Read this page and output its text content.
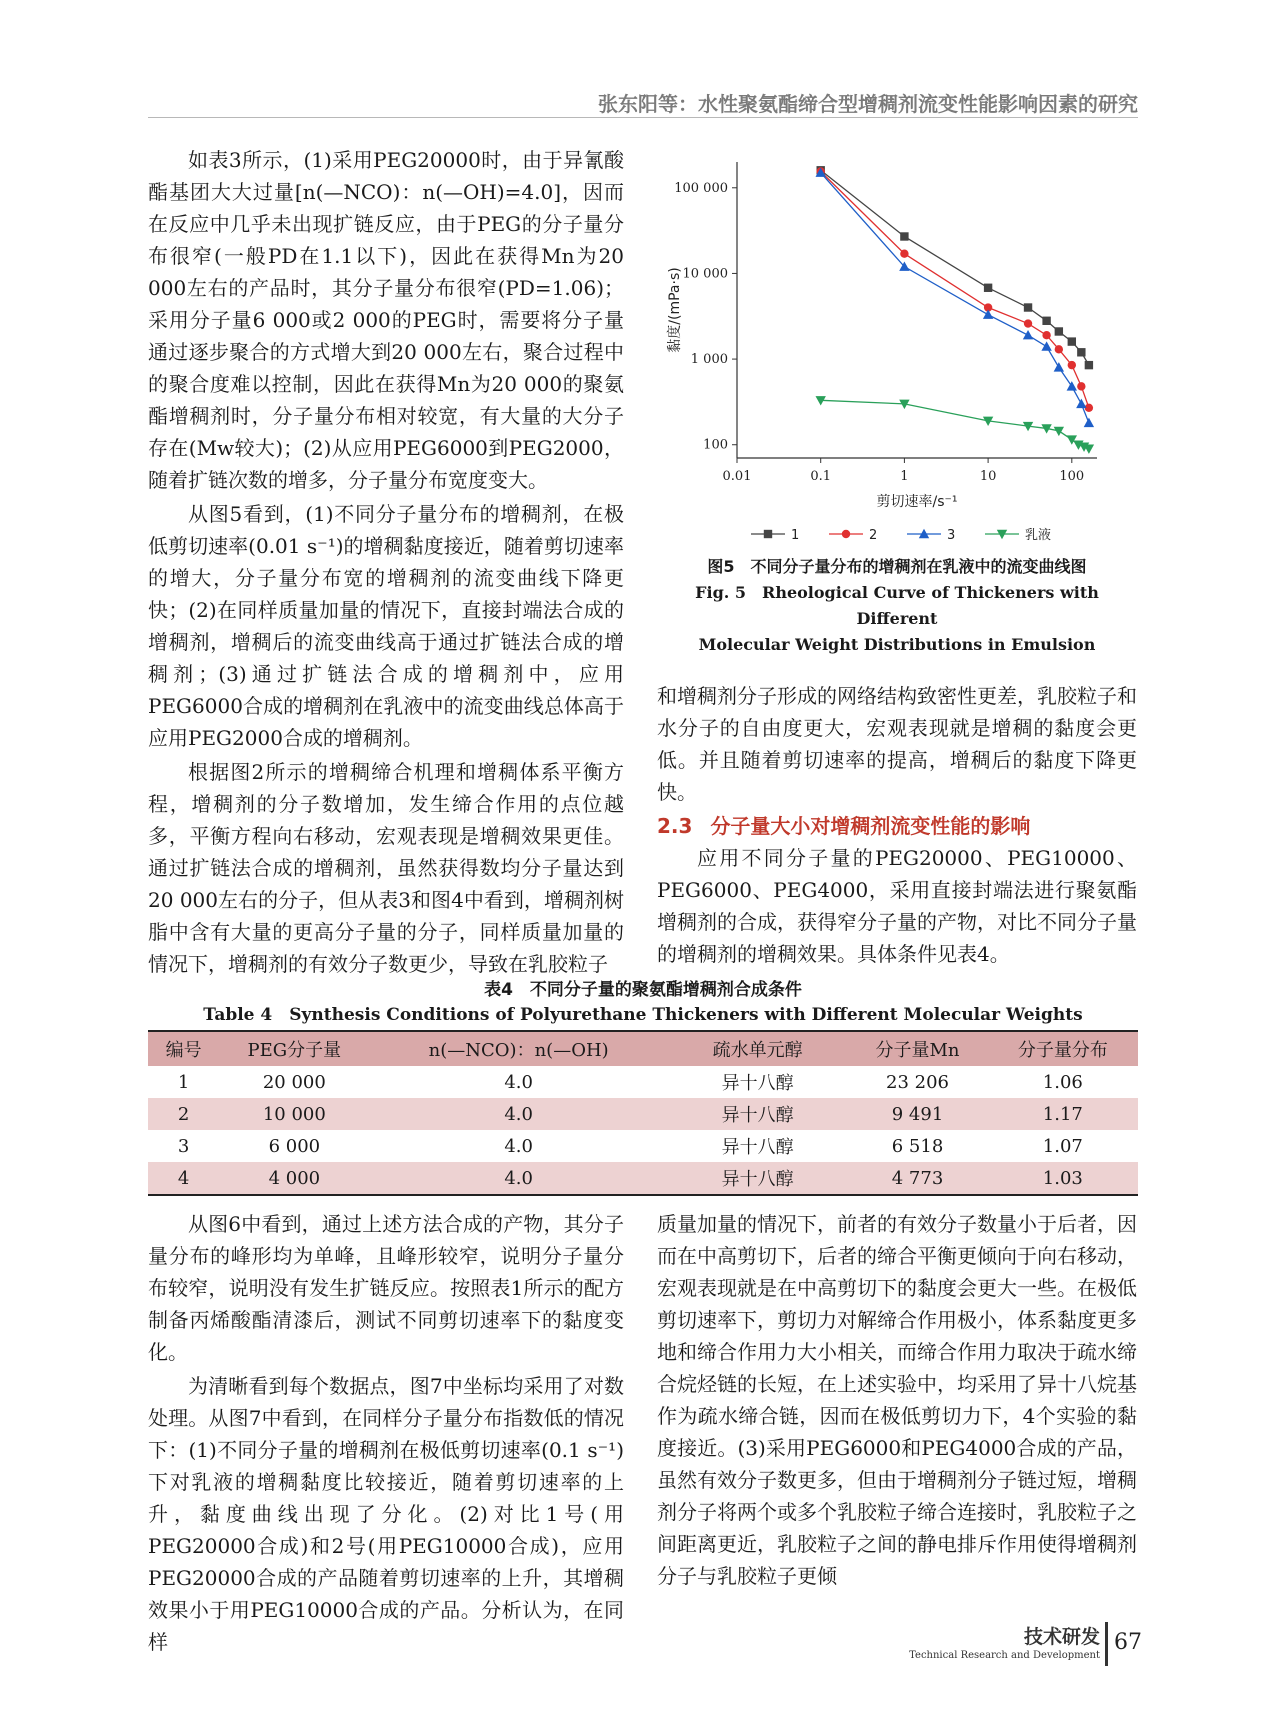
张东阳等：水性聚氨酯缔合型增稠剂流变性能影响因素的研究

如表3所示，(1)采用PEG20000时，由于异氰酸酯基团大大过量[n(—NCO)：n(—OH)=4.0]，因而在反应中几乎未出现扩链反应，由于PEG的分子量分布很窄(一般PD在1.1以下)，因此在获得Mn为20 000左右的产品时，其分子量分布很窄(PD=1.06)；采用分子量6 000或2 000的PEG时，需要将分子量通过逐步聚合的方式增大到20 000左右，聚合过程中的聚合度难以控制，因此在获得Mn为20 000的聚氨酯增稠剂时，分子量分布相对较宽，有大量的大分子存在(Mw较大)；(2)从应用PEG6000到PEG2000，随着扩链次数的增多，分子量分布宽度变大。

从图5看到，(1)不同分子量分布的增稠剂，在极低剪切速率(0.01 s⁻¹)的增稠黏度接近，随着剪切速率的增大，分子量分布宽的增稠剂的流变曲线下降更快；(2)在同样质量加量的情况下，直接封端法合成的增稠剂，增稠后的流变曲线高于通过扩链法合成的增稠剂；(3)通过扩链法合成的增稠剂中，应用PEG6000合成的增稠剂在乳液中的流变曲线总体高于应用PEG2000合成的增稠剂。

根据图2所示的增稠缔合机理和增稠体系平衡方程，增稠剂的分子数增加，发生缔合作用的点位越多，平衡方程向右移动，宏观表现是增稠效果更佳。通过扩链法合成的增稠剂，虽然获得数均分子量达到20 000左右的分子，但从表3和图4中看到，增稠剂树脂中含有大量的更高分子量的分子，同样质量加量的情况下，增稠剂的有效分子数更少，导致在乳胶粒子

0.01	0.1	1	10	100
100
1 000
10 000
100 000
剪切速率/s⁻¹
黏度/(mPa·s)
1	2	3	乳液
图5　不同分子量分布的增稠剂在乳液中的流变曲线图
Fig. 5　Rheological Curve of Thickeners with Different
Molecular Weight Distributions in Emulsion

和增稠剂分子形成的网络结构致密性更差，乳胶粒子和水分子的自由度更大，宏观表现就是增稠的黏度会更低。并且随着剪切速率的提高，增稠后的黏度下降更快。

2.3 分子量大小对增稠剂流变性能的影响

应用不同分子量的PEG20000、PEG10000、PEG6000、PEG4000，采用直接封端法进行聚氨酯增稠剂的合成，获得窄分子量的产物，对比不同分子量的增稠剂的增稠效果。具体条件见表4。

表4　不同分子量的聚氨酯增稠剂合成条件
Table 4　Synthesis Conditions of Polyurethane Thickeners with Different Molecular Weights
编号	PEG分子量	n(—NCO)：n(—OH)	疏水单元醇	分子量Mn	分子量分布
1	20 000	4.0	异十八醇	23 206	1.06
2	10 000	4.0	异十八醇	9 491	1.17
3	6 000	4.0	异十八醇	6 518	1.07
4	4 000	4.0	异十八醇	4 773	1.03

从图6中看到，通过上述方法合成的产物，其分子量分布的峰形均为单峰，且峰形较窄，说明分子量分布较窄，说明没有发生扩链反应。按照表1所示的配方制备丙烯酸酯清漆后，测试不同剪切速率下的黏度变化。

为清晰看到每个数据点，图7中坐标均采用了对数处理。从图7中看到，在同样分子量分布指数低的情况下：(1)不同分子量的增稠剂在极低剪切速率(0.1 s⁻¹)下对乳液的增稠黏度比较接近，随着剪切速率的上升，黏度曲线出现了分化。(2)对比1号(用PEG20000合成)和2号(用PEG10000合成)，应用PEG20000合成的产品随着剪切速率的上升，其增稠效果小于用PEG10000合成的产品。分析认为，在同样

质量加量的情况下，前者的有效分子数量小于后者，因而在中高剪切下，后者的缔合平衡更倾向于向右移动，宏观表现就是在中高剪切下的黏度会更大一些。在极低剪切速率下，剪切力对解缔合作用极小，体系黏度更多地和缔合作用力大小相关，而缔合作用力取决于疏水缔合烷烃链的长短，在上述实验中，均采用了异十八烷基作为疏水缔合链，因而在极低剪切力下，4个实验的黏度接近。(3)采用PEG6000和PEG4000合成的产品，虽然有效分子数更多，但由于增稠剂分子链过短，增稠剂分子将两个或多个乳胶粒子缔合连接时，乳胶粒子之间距离更近，乳胶粒子之间的静电排斥作用使得增稠剂分子与乳胶粒子更倾

技术研发
Technical Research and Development
67
